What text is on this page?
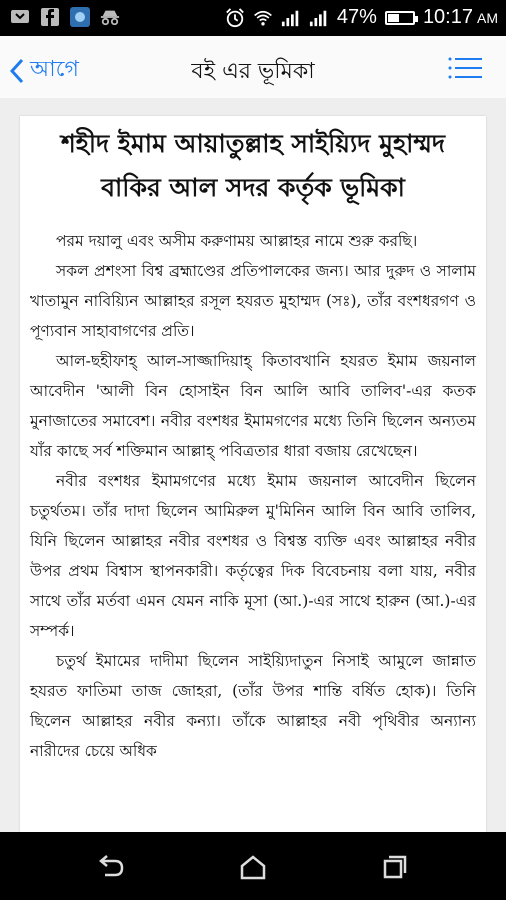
47% 10:17 AM
আগে	বই এর ভূমিকা
শহীদ ইমাম আয়াতুল্লাহ সাইয়্যিদ মুহাম্মদ বাকির আল সদর কর্তৃক ভূমিকা

পরম দয়ালু এবং অসীম করুণাময় আল্লাহর নামে শুরু করছি।

সকল প্রশংসা বিশ্ব ব্রহ্মাণ্ডের প্রতিপালকের জন্য। আর দুরুদ ও সালাম খাতামুন নাবিয়্যিন আল্লাহর রসূল হযরত মুহাম্মদ (সঃ), তাঁর বংশধরগণ ও পূণ্যবান সাহাবাগণের প্রতি।

আল-ছহীফাহ্ আল-সাজ্জাদিয়াহ্ কিতাবখানি হযরত ইমাম জয়নাল আবেদীন 'আলী বিন হোসাইন বিন আলি আবি তালিব'-এর কতক মুনাজাতের সমাবেশ। নবীর বংশধর ইমামগণের মধ্যে তিনি ছিলেন অন্যতম যাঁর কাছে সর্ব শক্তিমান আল্লাহ্ পবিত্রতার ধারা বজায় রেখেছেন।

নবীর বংশধর ইমামগণের মধ্যে ইমাম জয়নাল আবেদীন ছিলেন চতুর্থতম। তাঁর দাদা ছিলেন আমিরুল মু'মিনিন আলি বিন আবি তালিব, যিনি ছিলেন আল্লাহর নবীর বংশধর ও বিশ্বস্ত ব্যক্তি এবং আল্লাহর নবীর উপর প্রথম বিশ্বাস স্থাপনকারী। কর্তৃত্বের দিক বিবেচনায় বলা যায়, নবীর সাথে তাঁর মর্তবা এমন যেমন নাকি মূসা (আ.)-এর সাথে হারুন (আ.)-এর সম্পর্ক।

চতুর্থ ইমামের দাদীমা ছিলেন সাইয়্যিদাতুন নিসাই আমুলে জান্নাত হযরত ফাতিমা তাজ জোহরা, (তাঁর উপর শান্তি বর্ষিত হোক)। তিনি ছিলেন আল্লাহর নবীর কন্যা। তাঁকে আল্লাহর নবী পৃথিবীর অন্যান্য নারীদের চেয়ে অধিক
